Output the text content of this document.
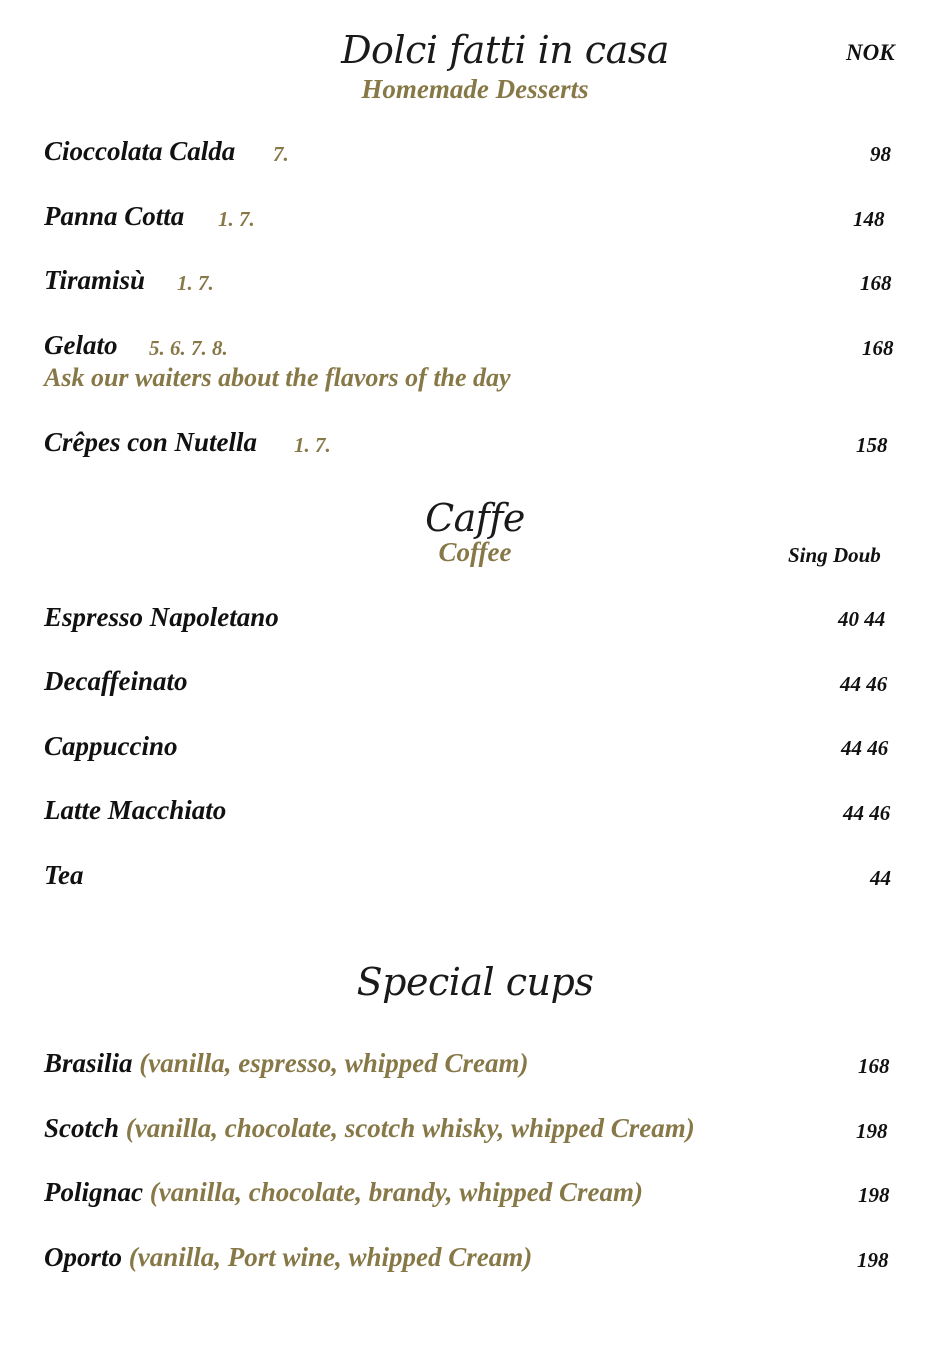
Dolci fatti in casa	NOK
Homemade Desserts
Cioccolata Calda 7.	98
Panna Cotta 1. 7.	148
Tiramisù 1. 7.	168
Gelato 5. 6. 7. 8.	168
Ask our waiters about the flavors of the day
Crêpes con Nutella 1. 7.	158
Caffe
Coffee	Sing Doub
Espresso Napoletano	40 44
Decaffeinato	44 46
Cappuccino	44 46
Latte Macchiato	44 46
Tea	44
Special cups
Brasilia (vanilla, espresso, whipped Cream)	168
Scotch (vanilla, chocolate, scotch whisky, whipped Cream)	198
Polignac (vanilla, chocolate, brandy, whipped Cream)	198
Oporto (vanilla, Port wine, whipped Cream)	198
